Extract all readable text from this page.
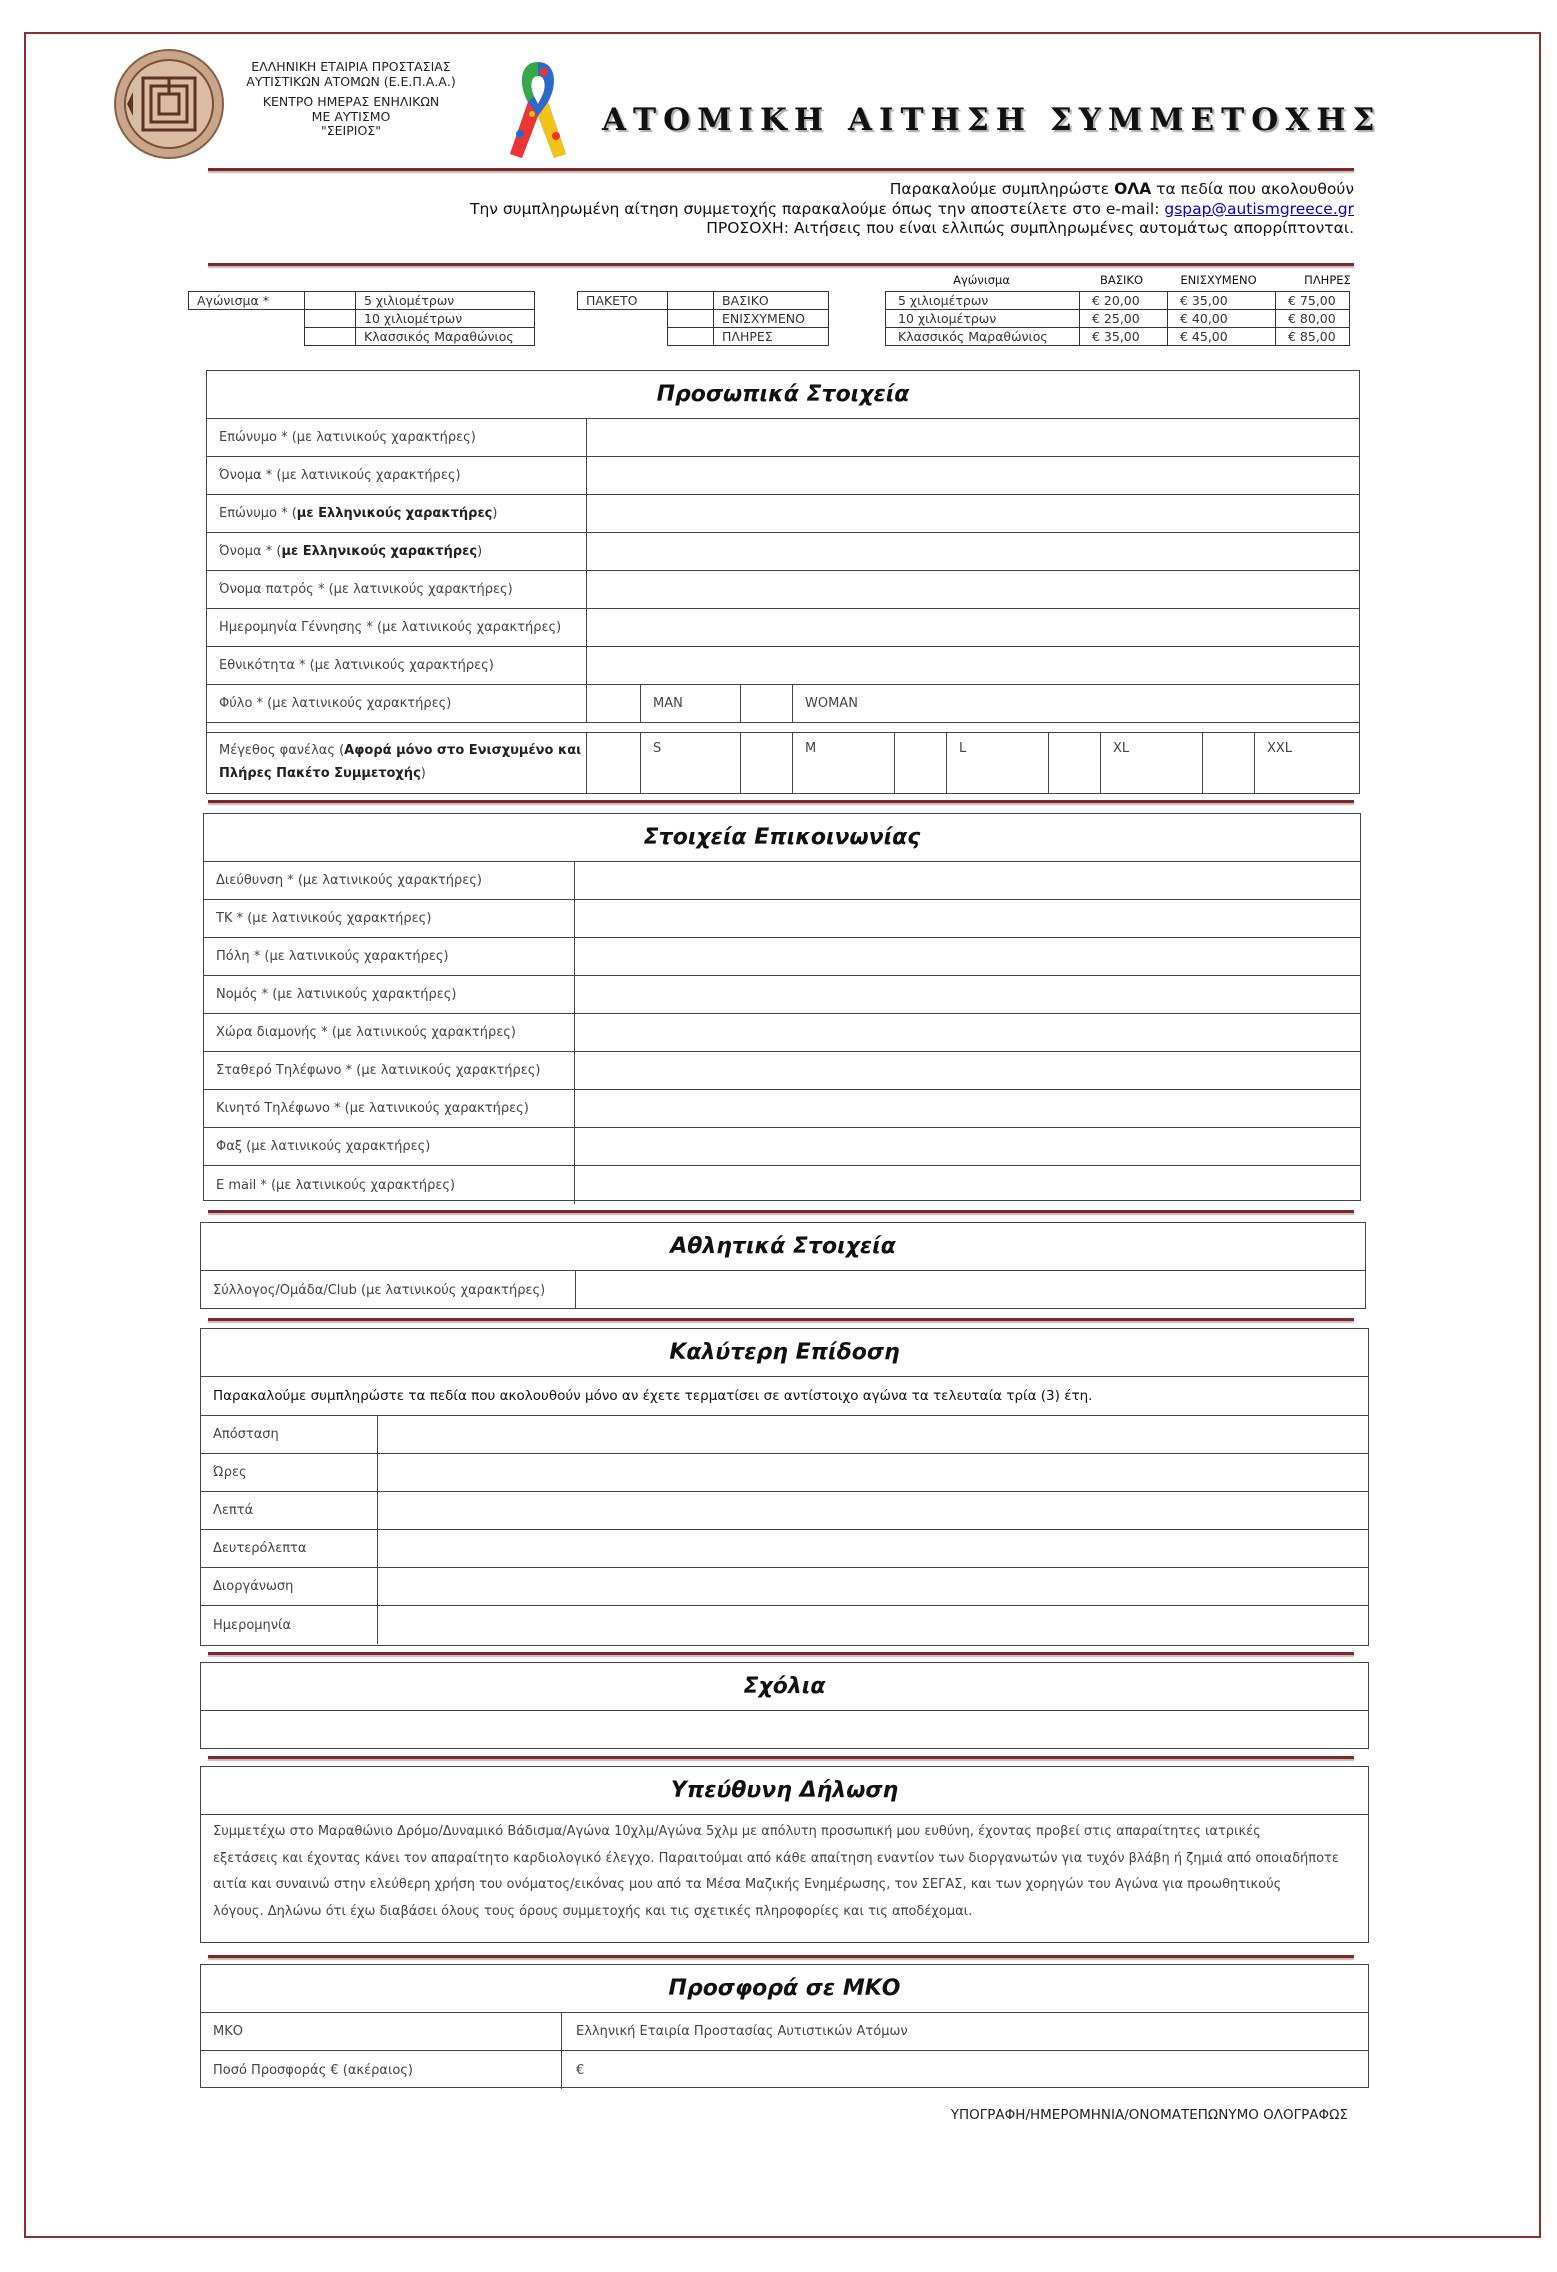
ΕΛΛΗΝΙΚΗ ΕΤΑΙΡΙΑ ΠΡΟΣΤΑΣΙΑΣ
ΑΥΤΙΣΤΙΚΩΝ ΑΤΟΜΩΝ (Ε.Ε.Π.Α.Α.)
ΚΕΝΤΡΟ ΗΜΕΡΑΣ ΕΝΗΛΙΚΩΝ
ΜΕ ΑΥΤΙΣΜΟ
"ΣΕΙΡΙΟΣ"	ΑΤΟΜΙΚΗ ΑΙΤΗΣΗ ΣΥΜΜΕΤΟΧΗΣ
Παρακαλούμε συμπληρώστε ΟΛΑ τα πεδία που ακολουθούν
Την συμπληρωμένη αίτηση συμμετοχής παρακαλούμε όπως την αποστείλετε στο e-mail: gspap@autismgreece.gr
ΠΡΟΣΟΧΗ: Αιτήσεις που είναι ελλιπώς συμπληρωμένες αυτομάτως απορρίπτονται.
Αγώνισμα *		5 χιλιομέτρων
		10 χιλιομέτρων
		Κλασσικός Μαραθώνιος
ΠΑΚΕΤΟ		ΒΑΣΙΚΟ
		ΕΝΙΣΧΥΜΕΝΟ
		ΠΛΗΡΕΣ
Αγώνισμα	ΒΑΣΙΚΟ	ΕΝΙΣΧΥΜΕΝΟ	ΠΛΗΡΕΣ
5 χιλιομέτρων	€ 20,00	€ 35,00	€ 75,00
10 χιλιομέτρων	€ 25,00	€ 40,00	€ 80,00
Κλασσικός Μαραθώνιος	€ 35,00	€ 45,00	€ 85,00
Προσωπικά Στοιχεία
Επώνυμο * (με λατινικούς χαρακτήρες)
Όνομα * (με λατινικούς χαρακτήρες)
Επώνυμο * ( με Ελληνικούς χαρακτήρες )
Όνομα * ( με Ελληνικούς χαρακτήρες )
Όνομα πατρός * (με λατινικούς χαρακτήρες)
Ημερομηνία Γέννησης * (με λατινικούς χαρακτήρες)
Εθνικότητα * (με λατινικούς χαρακτήρες)
Φύλο * (με λατινικούς χαρακτήρες)	MAN	WOMAN
Μέγεθος φανέλας (Αφορά μόνο στο Ενισχυμένο και Πλήρες Πακέτο Συμμετοχής)
S	M	L	XL	XXL
Στοιχεία Επικοινωνίας
Διεύθυνση * (με λατινικούς χαρακτήρες)
ΤΚ * (με λατινικούς χαρακτήρες)
Πόλη * (με λατινικούς χαρακτήρες)
Νομός * (με λατινικούς χαρακτήρες)
Χώρα διαμονής * (με λατινικούς χαρακτήρες)
Σταθερό Τηλέφωνο * (με λατινικούς χαρακτήρες)
Κινητό Τηλέφωνο * (με λατινικούς χαρακτήρες)
Φαξ (με λατινικούς χαρακτήρες)
E mail * (με λατινικούς χαρακτήρες)
Αθλητικά Στοιχεία
Σύλλογος/Ομάδα/Club (με λατινικούς χαρακτήρες)
Καλύτερη Επίδοση
Παρακαλούμε συμπληρώστε τα πεδία που ακολουθούν μόνο αν έχετε τερματίσει σε αντίστοιχο αγώνα τα τελευταία τρία (3) έτη.
Απόσταση
Ώρες
Λεπτά
Δευτερόλεπτα
Διοργάνωση
Ημερομηνία
Σχόλια
Υπεύθυνη Δήλωση
Συμμετέχω στο Μαραθώνιο Δρόμο/Δυναμικό Βάδισμα/Αγώνα 10χλμ/Αγώνα 5χλμ με απόλυτη προσωπική μου ευθύνη, έχοντας προβεί στις απαραίτητες ιατρικές
εξετάσεις και έχοντας κάνει τον απαραίτητο καρδιολογικό έλεγχο. Παραιτούμαι από κάθε απαίτηση εναντίον των διοργανωτών για τυχόν βλάβη ή ζημιά από οποιαδήποτε
αιτία και συναινώ στην ελεύθερη χρήση του ονόματος/εικόνας μου από τα Μέσα Μαζικής Ενημέρωσης, τον ΣΕΓΑΣ, και των χορηγών του Αγώνα για προωθητικούς
λόγους. Δηλώνω ότι έχω διαβάσει όλους τους όρους συμμετοχής και τις σχετικές πληροφορίες και τις αποδέχομαι.
Προσφορά σε ΜΚΟ
ΜΚΟ	Ελληνική Εταιρία Προστασίας Αυτιστικών Ατόμων
Ποσό Προσφοράς € (ακέραιος)	€
ΥΠΟΓΡΑΦΗ/ΗΜΕΡΟΜΗΝΙΑ/ΟΝΟΜΑΤΕΠΩΝΥΜΟ ΟΛΟΓΡΑΦΩΣ
